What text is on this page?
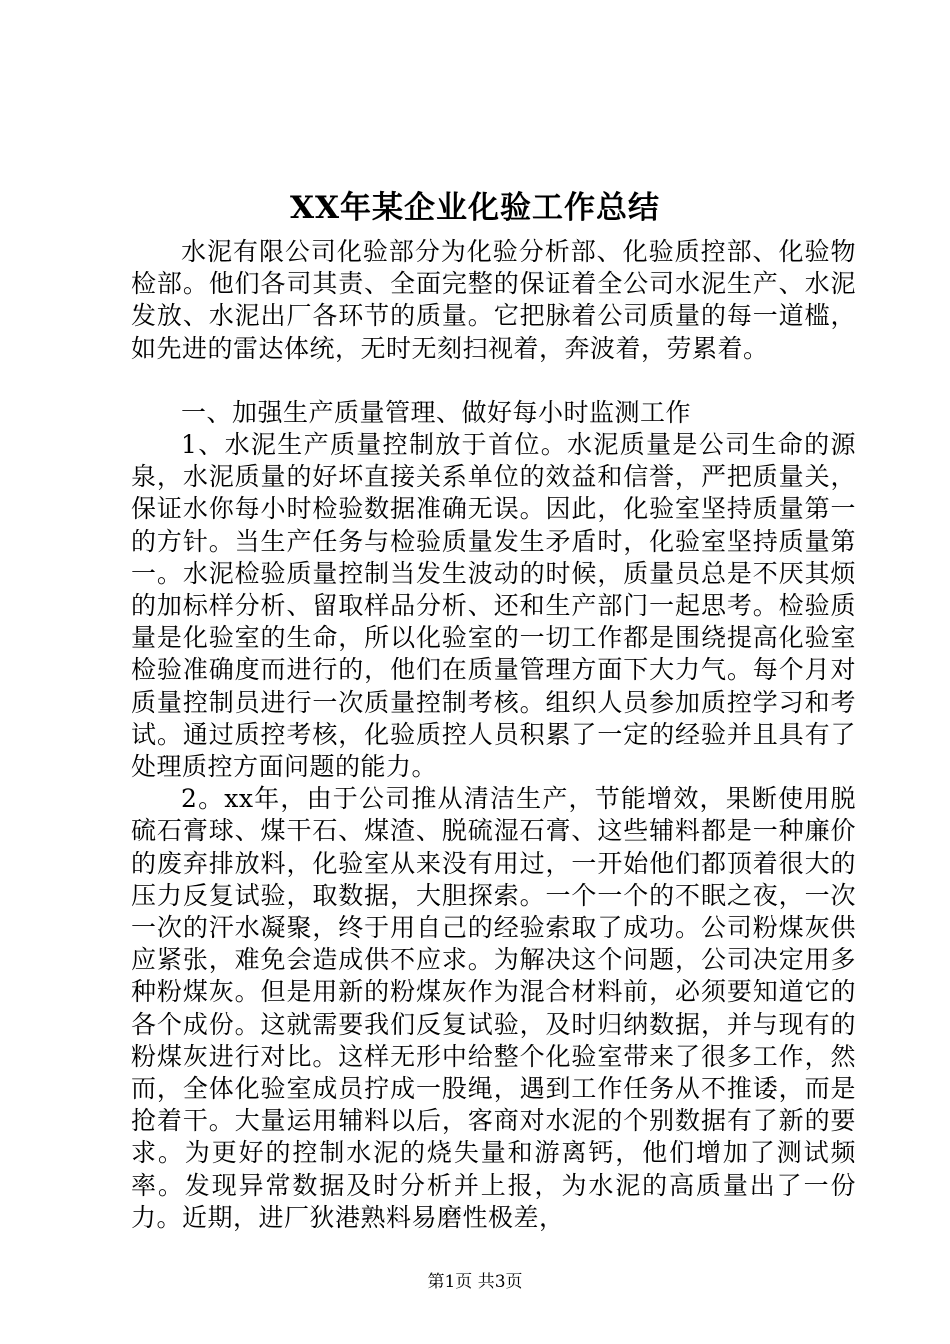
XX年某企业化验工作总结

水泥有限公司化验部分为化验分析部、化验质控部、化验物检部。他们各司其责、全面完整的保证着全公司水泥生产、水泥发放、水泥出厂各环节的质量。它把脉着公司质量的每一道槛，如先进的雷达体统，无时无刻扫视着，奔波着，劳累着。

一、加强生产质量管理、做好每小时监测工作

1、水泥生产质量控制放于首位。水泥质量是公司生命的源泉，水泥质量的好坏直接关系单位的效益和信誉，严把质量关，保证水你每小时检验数据准确无误。因此，化验室坚持质量第一的方针。当生产任务与检验质量发生矛盾时，化验室坚持质量第一。水泥检验质量控制当发生波动的时候，质量员总是不厌其烦的加标样分析、留取样品分析、还和生产部门一起思考。检验质量是化验室的生命，所以化验室的一切工作都是围绕提高化验室检验准确度而进行的，他们在质量管理方面下大力气。每个月对质量控制员进行一次质量控制考核。组织人员参加质控学习和考试。通过质控考核，化验质控人员积累了一定的经验并且具有了处理质控方面问题的能力。

2。xx年，由于公司推从清洁生产，节能增效，果断使用脱硫石膏球、煤干石、煤渣、脱硫湿石膏、这些辅料都是一种廉价的废弃排放料，化验室从来没有用过，一开始他们都顶着很大的压力反复试验，取数据，大胆探索。一个一个的不眠之夜，一次一次的汗水凝聚，终于用自己的经验索取了成功。公司粉煤灰供应紧张，难免会造成供不应求。为解决这个问题，公司决定用多种粉煤灰。但是用新的粉煤灰作为混合材料前，必须要知道它的各个成份。这就需要我们反复试验，及时归纳数据，并与现有的粉煤灰进行对比。这样无形中给整个化验室带来了很多工作，然而，全体化验室成员拧成一股绳，遇到工作任务从不推诿，而是抢着干。大量运用辅料以后，客商对水泥的个别数据有了新的要求。为更好的控制水泥的烧失量和游离钙，他们增加了测试频率。发现异常数据及时分析并上报，为水泥的高质量出了一份力。近期，进厂狄港熟料易磨性极差，

第1页 共3页
